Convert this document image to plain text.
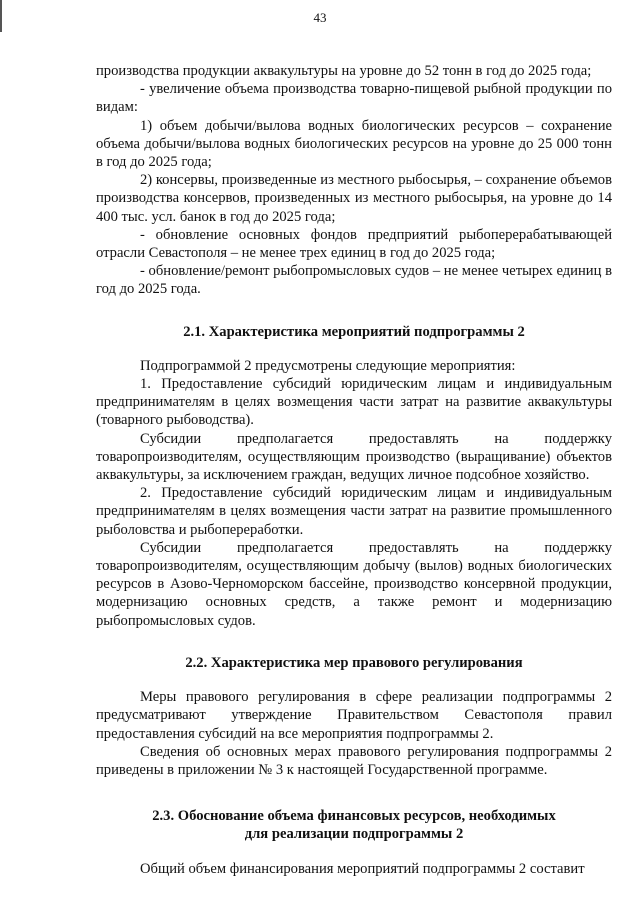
43

производства продукции аквакультуры на уровне до 52 тонн в год до 2025 года;

- увеличение объема производства товарно-пищевой рыбной продукции по видам:

1) объем добычи/вылова водных биологических ресурсов – сохранение объема добычи/вылова водных биологических ресурсов на уровне до 25 000 тонн в год до 2025 года;

2) консервы, произведенные из местного рыбосырья, – сохранение объемов производства консервов, произведенных из местного рыбосырья, на уровне до 14 400 тыс. усл. банок в год до 2025 года;

- обновление основных фондов предприятий рыбоперерабатывающей отрасли Севастополя – не менее трех единиц в год до 2025 года;

- обновление/ремонт рыбопромысловых судов – не менее четырех единиц в год до 2025 года.

2.1. Характеристика мероприятий подпрограммы 2

Подпрограммой 2 предусмотрены следующие мероприятия:

1. Предоставление субсидий юридическим лицам и индивидуальным предпринимателям в целях возмещения части затрат на развитие аквакультуры (товарного рыбоводства).

Субсидии предполагается предоставлять на поддержку товаропроизводителям, осуществляющим производство (выращивание) объектов аквакультуры, за исключением граждан, ведущих личное подсобное хозяйство.

2. Предоставление субсидий юридическим лицам и индивидуальным предпринимателям в целях возмещения части затрат на развитие промышленного рыболовства и рыбопереработки.

Субсидии предполагается предоставлять на поддержку товаропроизводителям, осуществляющим добычу (вылов) водных биологических ресурсов в Азово-Черноморском бассейне, производство консервной продукции, модернизацию основных средств, а также ремонт и модернизацию рыбопромысловых судов.

2.2. Характеристика мер правового регулирования

Меры правового регулирования в сфере реализации подпрограммы 2 предусматривают утверждение Правительством Севастополя правил предоставления субсидий на все мероприятия подпрограммы 2.

Сведения об основных мерах правового регулирования подпрограммы 2 приведены в приложении № 3 к настоящей Государственной программе.

2.3. Обоснование объема финансовых ресурсов, необходимых
для реализации подпрограммы 2

Общий объем финансирования мероприятий подпрограммы 2 составит
